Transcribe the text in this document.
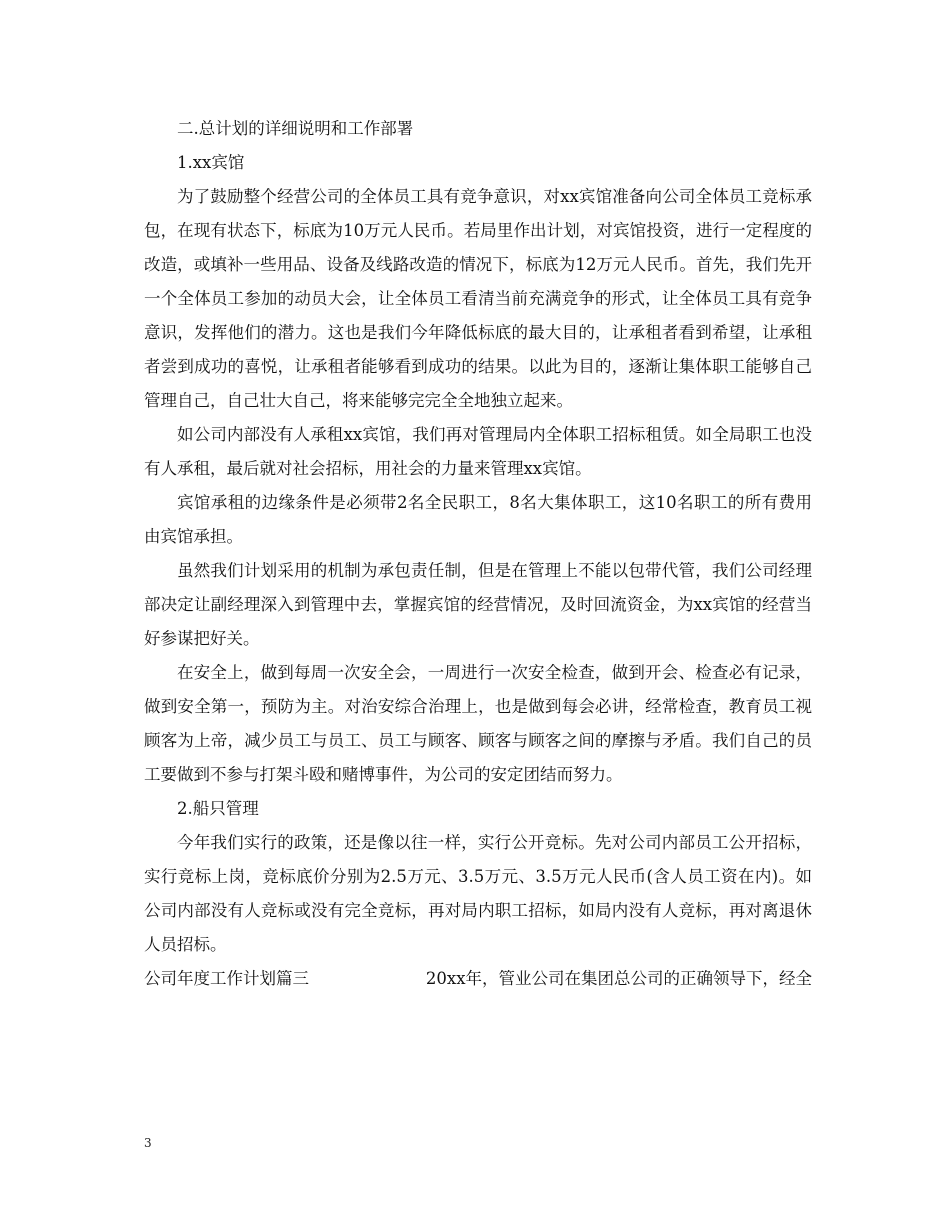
二.总计划的详细说明和工作部署

1.xx宾馆

为了鼓励整个经营公司的全体员工具有竞争意识，对xx宾馆准备向公司全体员工竞标承包，在现有状态下，标底为10万元人民币。若局里作出计划，对宾馆投资，进行一定程度的改造，或填补一些用品、设备及线路改造的情况下，标底为12万元人民币。首先，我们先开一个全体员工参加的动员大会，让全体员工看清当前充满竞争的形式，让全体员工具有竞争意识，发挥他们的潜力。这也是我们今年降低标底的最大目的，让承租者看到希望，让承租者尝到成功的喜悦，让承租者能够看到成功的结果。以此为目的，逐渐让集体职工能够自己管理自己，自己壮大自己，将来能够完完全全地独立起来。

如公司内部没有人承租xx宾馆，我们再对管理局内全体职工招标租赁。如全局职工也没有人承租，最后就对社会招标，用社会的力量来管理xx宾馆。

宾馆承租的边缘条件是必须带2名全民职工，8名大集体职工，这10名职工的所有费用由宾馆承担。

虽然我们计划采用的机制为承包责任制，但是在管理上不能以包带代管，我们公司经理部决定让副经理深入到管理中去，掌握宾馆的经营情况，及时回流资金，为xx宾馆的经营当好参谋把好关。

在安全上，做到每周一次安全会，一周进行一次安全检查，做到开会、检查必有记录，做到安全第一，预防为主。对治安综合治理上，也是做到每会必讲，经常检查，教育员工视顾客为上帝，减少员工与员工、员工与顾客、顾客与顾客之间的摩擦与矛盾。我们自己的员工要做到不参与打架斗殴和赌博事件，为公司的安定团结而努力。

2.船只管理

今年我们实行的政策，还是像以往一样，实行公开竞标。先对公司内部员工公开招标，实行竞标上岗，竞标底价分别为2.5万元、3.5万元、3.5万元人民币(含人员工资在内)。如公司内部没有人竞标或没有完全竞标，再对局内职工招标，如局内没有人竞标，再对离退休人员招标。

公司年度工作计划篇三	20xx年，管业公司在集团总公司的正确领导下，经全
3
